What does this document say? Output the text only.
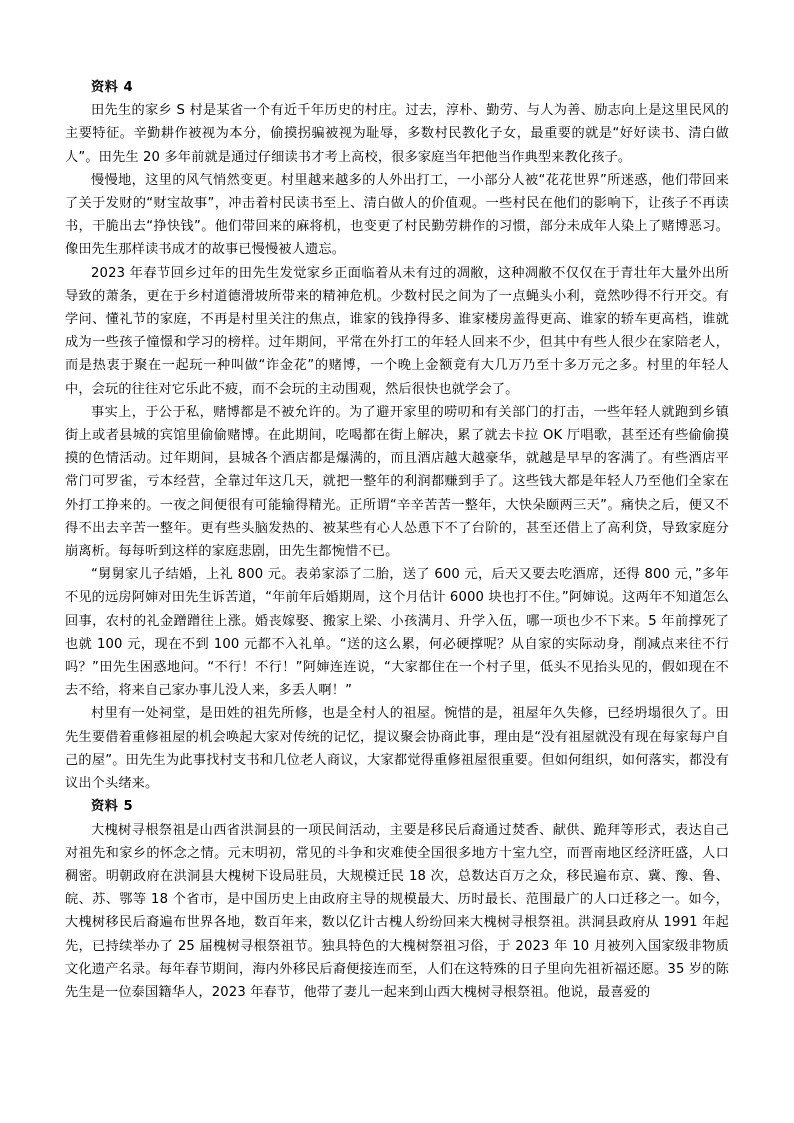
资料 4

田先生的家乡 S 村是某省一个有近千年历史的村庄。过去，淳朴、勤劳、与人为善、励志向上是这里民风的主要特征。辛勤耕作被视为本分，偷摸拐骗被视为耻辱，多数村民教化子女，最重要的就是“好好读书、清白做人”。田先生 20 多年前就是通过仔细读书才考上高校，很多家庭当年把他当作典型来教化孩子。

慢慢地，这里的风气悄然变更。村里越来越多的人外出打工，一小部分人被“花花世界”所迷惑，他们带回来了关于发财的“财宝故事”，冲击着村民读书至上、清白做人的价值观。一些村民在他们的影响下，让孩子不再读书，干脆出去“挣快钱”。他们带回来的麻将机，也变更了村民勤劳耕作的习惯，部分未成年人染上了赌博恶习。像田先生那样读书成才的故事已慢慢被人遗忘。

2023 年春节回乡过年的田先生发觉家乡正面临着从未有过的凋敝，这种凋敝不仅仅在于青壮年大量外出所导致的萧条，更在于乡村道德滑坡所带来的精神危机。少数村民之间为了一点蝇头小利，竟然吵得不行开交。有学问、懂礼节的家庭，不再是村里关注的焦点，谁家的钱挣得多、谁家楼房盖得更高、谁家的轿车更高档，谁就成为一些孩子憧憬和学习的榜样。过年期间，平常在外打工的年轻人回来不少，但其中有些人很少在家陪老人，而是热衷于聚在一起玩一种叫做“诈金花”的赌博，一个晚上金额竟有大几万乃至十多万元之多。村里的年轻人中，会玩的往往对它乐此不疲，而不会玩的主动围观，然后很快也就学会了。

事实上，于公于私，赌博都是不被允许的。为了避开家里的唠叨和有关部门的打击，一些年轻人就跑到乡镇街上或者县城的宾馆里偷偷赌博。在此期间，吃喝都在街上解决，累了就去卡拉 OK 厅唱歌，甚至还有些偷偷摸摸的色情活动。过年期间，县城各个酒店都是爆满的，而且酒店越大越豪华，就越是早早的客满了。有些酒店平常门可罗雀，亏本经营，全靠过年这几天，就把一整年的利润都赚到手了。这些钱大都是年轻人乃至他们全家在外打工挣来的。一夜之间便很有可能输得精光。正所谓“辛辛苦苦一整年，大快朵颐两三天”。痛快之后，便又不得不出去辛苦一整年。更有些头脑发热的、被某些有心人怂恿下不了台阶的，甚至还借上了高利贷，导致家庭分崩离析。每每听到这样的家庭悲剧，田先生都惋惜不已。

“舅舅家儿子结婚，上礼 800 元。表弟家添了二胎，送了 600 元，后天又要去吃酒席，还得 800 元，”多年不见的远房阿婶对田先生诉苦道，“年前年后婚期周，这个月估计 6000 块也打不住。”阿婶说。这两年不知道怎么回事，农村的礼金蹭蹭往上涨。婚丧嫁娶、搬家上梁、小孩满月、升学入伍，哪一项也少不下来。5 年前撑死了也就 100 元，现在不到 100 元都不入礼单。“送的这么累，何必硬撑呢？从自家的实际动身，削减点来往不行吗？”田先生困惑地问。“不行！不行！”阿婶连连说，“大家都住在一个村子里，低头不见抬头见的，假如现在不去不给，将来自己家办事儿没人来，多丢人啊！”

村里有一处祠堂，是田姓的祖先所修，也是全村人的祖屋。惋惜的是，祖屋年久失修，已经坍塌很久了。田先生要借着重修祖屋的机会唤起大家对传统的记忆，提议聚会协商此事，理由是“没有祖屋就没有现在每家每户自己的屋”。田先生为此事找村支书和几位老人商议，大家都觉得重修祖屋很重要。但如何组织，如何落实，都没有议出个头绪来。

资料 5

大槐树寻根祭祖是山西省洪洞县的一项民间活动，主要是移民后裔通过焚香、献供、跪拜等形式，表达自己对祖先和家乡的怀念之情。元末明初，常见的斗争和灾难使全国很多地方十室九空，而晋南地区经济旺盛，人口稠密。明朝政府在洪洞县大槐树下设局驻员，大规模迁民 18 次，总数达百万之众，移民遍布京、冀、豫、鲁、皖、苏、鄂等 18 个省市，是中国历史上由政府主导的规模最大、历时最长、范围最广的人口迁移之一。如今，大槐树移民后裔遍布世界各地，数百年来，数以亿计古槐人纷纷回来大槐树寻根祭祖。洪洞县政府从 1991 年起先，已持续举办了 25 届槐树寻根祭祖节。独具特色的大槐树祭祖习俗，于 2023 年 10 月被列入国家级非物质文化遗产名录。每年春节期间，海内外移民后裔便接连而至，人们在这特殊的日子里向先祖祈福还愿。35 岁的陈先生是一位泰国籍华人，2023 年春节，他带了妻儿一起来到山西大槐树寻根祭祖。他说，最喜爱的
